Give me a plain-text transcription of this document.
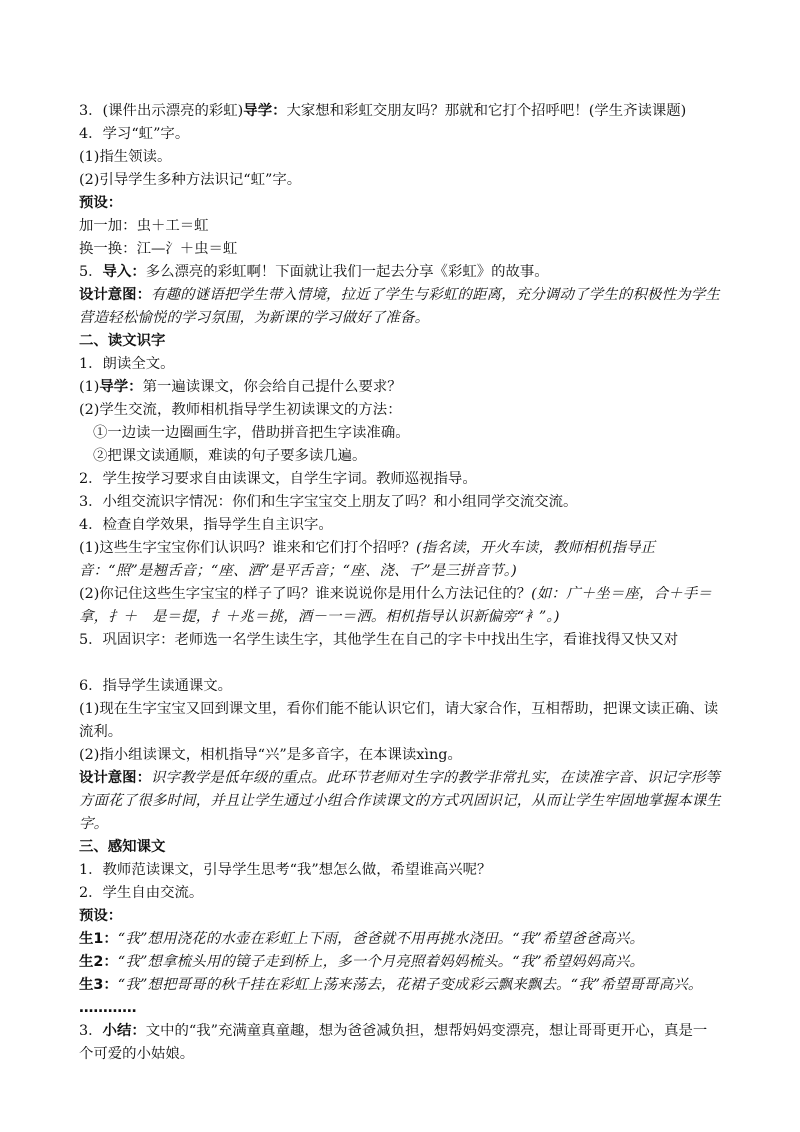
3．(课件出示漂亮的彩虹)导学：大家想和彩虹交朋友吗？那就和它打个招呼吧！(学生齐读课题)

4．学习“虹”字。

(1)指生领读。

(2)引导学生多种方法识记“虹”字。

预设：

加一加：虫＋工＝虹

换一换：江—氵＋虫＝虹

5．导入：多么漂亮的彩虹啊！下面就让我们一起去分享《彩虹》的故事。

设计意图：有趣的谜语把学生带入情境，拉近了学生与彩虹的距离，充分调动了学生的积极性为学生营造轻松愉悦的学习氛围，为新课的学习做好了准备。

二、读文识字

1．朗读全文。

(1)导学：第一遍读课文，你会给自己提什么要求？

(2)学生交流，教师相机指导学生初读课文的方法：

①一边读一边圈画生字，借助拼音把生字读准确。

②把课文读通顺，难读的句子要多读几遍。

2．学生按学习要求自由读课文，自学生字词。教师巡视指导。

3．小组交流识字情况：你们和生字宝宝交上朋友了吗？和小组同学交流交流。

4．检查自学效果，指导学生自主识字。

(1)这些生字宝宝你们认识吗？谁来和它们打个招呼？(指名读，开火车读，教师相机指导正音：“照”是翘舌音；“座、洒”是平舌音；“座、浇、千”是三拼音节。)

(2)你记住这些生字宝宝的样子了吗？谁来说说你是用什么方法记住的？(如：广＋坐＝座，合＋手＝拿，扌＋　是＝提，扌＋兆＝挑，酒－一＝洒。相机指导认识新偏旁“衤”。)

5．巩固识字：老师选一名学生读生字，其他学生在自己的字卡中找出生字，看谁找得又快又对

6．指导学生读通课文。

(1)现在生字宝宝又回到课文里，看你们能不能认识它们，请大家合作，互相帮助，把课文读正确、读流利。

(2)指小组读课文，相机指导“兴”是多音字，在本课读xìng。

设计意图：识字教学是低年级的重点。此环节老师对生字的教学非常扎实，在读准字音、识记字形等方面花了很多时间，并且让学生通过小组合作读课文的方式巩固识记，从而让学生牢固地掌握本课生字。

三、感知课文

1．教师范读课文，引导学生思考“我”想怎么做，希望谁高兴呢？

2．学生自由交流。

预设：

生1：“我”想用浇花的水壶在彩虹上下雨，爸爸就不用再挑水浇田。“我”希望爸爸高兴。

生2：“我”想拿梳头用的镜子走到桥上，多一个月亮照着妈妈梳头。“我”希望妈妈高兴。

生3：“我”想把哥哥的秋千挂在彩虹上荡来荡去，花裙子变成彩云飘来飘去。“我”希望哥哥高兴。

…………

3．小结：文中的“我”充满童真童趣，想为爸爸减负担，想帮妈妈变漂亮，想让哥哥更开心，真是一个可爱的小姑娘。
